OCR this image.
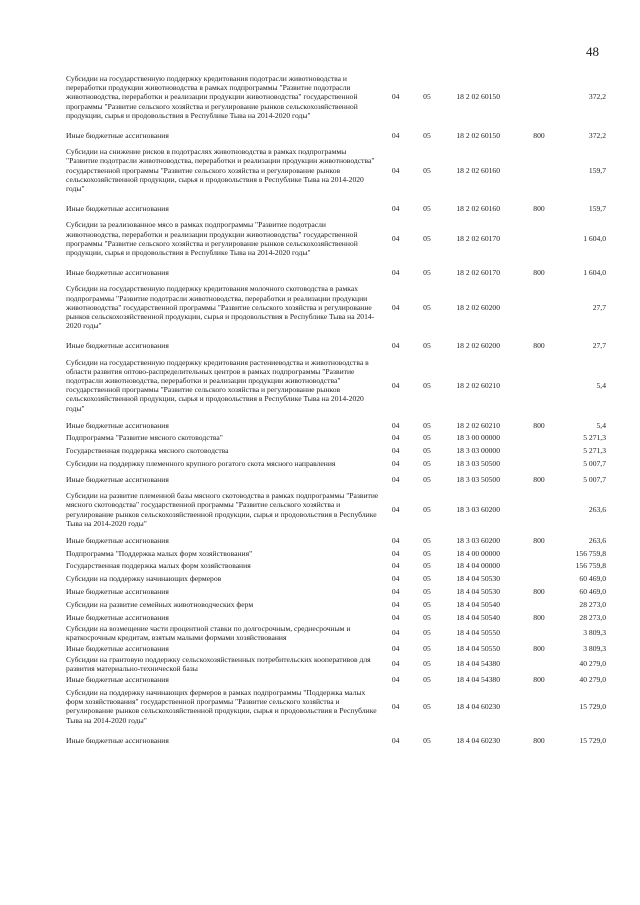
48
Субсидии на государственную поддержку кредитования подотрасли животноводства и переработки продукции животноводства в рамках подпрограммы "Развитие подотрасли животноводства, переработки и реализации продукции животноводства" государственной программы "Развитие сельского хозяйства и регулирование рынков сельскохозяйственной продукции, сырья и продовольствия в Республике Тыва на 2014-2020 годы"	04	05	18 2 02 60150		372,2
Иные бюджетные ассигнования	04	05	18 2 02 60150	800	372,2
Субсидии на снижение рисков в подотраслях животноводства в рамках подпрограммы "Развитие подотрасли животноводства, переработки и реализации продукции животноводства" государственной программы "Развитие сельского хозяйства и регулирование рынков сельскохозяйственной продукции, сырья и продовольствия в Республике Тыва на 2014-2020 годы"	04	05	18 2 02 60160		159,7
Иные бюджетные ассигнования	04	05	18 2 02 60160	800	159,7
Субсидии за реализованное мясо в рамках подпрограммы "Развитие подотрасли животноводства, переработки и реализации продукции животноводства" государственной программы "Развитие сельского хозяйства и регулирование рынков сельскохозяйственной продукции, сырья и продовольствия в Республике Тыва на 2014-2020 годы"	04	05	18 2 02 60170		1 604,0
Иные бюджетные ассигнования	04	05	18 2 02 60170	800	1 604,0
Субсидии на государственную поддержку кредитования молочного скотоводства в рамках подпрограммы "Развитие подотрасли животноводства, переработки и реализации продукции животноводства" государственной программы "Развитие сельского хозяйства и регулирование рынков сельскохозяйственной продукции, сырья и продовольствия в Республике Тыва на 2014-2020 годы"	04	05	18 2 02 60200		27,7
Иные бюджетные ассигнования	04	05	18 2 02 60200	800	27,7
Субсидии на государственную поддержку кредитования растениеводства и животноводства в области развития оптово-распределительных центров в рамках подпрограммы "Развитие подотрасли животноводства, переработки и реализации продукции животноводства" государственной программы "Развитие сельского хозяйства и регулирование рынков сельскохозяйственной продукции, сырья и продовольствия в Республике Тыва на 2014-2020 годы"	04	05	18 2 02 60210		5,4
Иные бюджетные ассигнования	04	05	18 2 02 60210	800	5,4
Подпрограмма "Развитие мясного скотоводства"	04	05	18 3 00 00000		5 271,3
Государственная поддержка мясного скотоводства	04	05	18 3 03 00000		5 271,3
Субсидии на поддержку племенного крупного рогатого скота мясного направления	04	05	18 3 03 50500		5 007,7
Иные бюджетные ассигнования	04	05	18 3 03 50500	800	5 007,7
Субсидии на развитие племенной базы мясного скотоводства в рамках подпрограммы "Развитие мясного скотоводства" государственной программы "Развитие сельского хозяйства и регулирование рынков сельскохозяйственной продукции, сырья и продовольствия в Республике Тыва на 2014-2020 годы"	04	05	18 3 03 60200		263,6
Иные бюджетные ассигнования	04	05	18 3 03 60200	800	263,6
Подпрограмма "Поддержка малых форм хозяйствования"	04	05	18 4 00 00000		156 759,8
Государственная поддержка малых форм хозяйствования	04	05	18 4 04 00000		156 759,8
Субсидии на поддержку начинающих фермеров	04	05	18 4 04 50530		60 469,0
Иные бюджетные ассигнования	04	05	18 4 04 50530	800	60 469,0
Субсидии на развитие семейных животноводческих ферм	04	05	18 4 04 50540		28 273,0
Иные бюджетные ассигнования	04	05	18 4 04 50540	800	28 273,0
Субсидии на возмещение части процентной ставки по долгосрочным, среднесрочным и краткосрочным кредитам, взятым малыми формами хозяйствования	04	05	18 4 04 50550		3 809,3
Иные бюджетные ассигнования	04	05	18 4 04 50550	800	3 809,3
Субсидии на грантовую поддержку сельскохозяйственных потребительских кооперативов для развития материально-технической базы	04	05	18 4 04 54380		40 279,0
Иные бюджетные ассигнования	04	05	18 4 04 54380	800	40 279,0
Субсидии на поддержку начинающих фермеров в рамках подпрограммы "Поддержка малых форм хозяйствования" государственной программы "Развитие сельского хозяйства и регулирование рынков сельскохозяйственной продукции, сырья и продовольствия в Республике Тыва на 2014-2020 годы"	04	05	18 4 04 60230		15 729,0
Иные бюджетные ассигнования	04	05	18 4 04 60230	800	15 729,0
